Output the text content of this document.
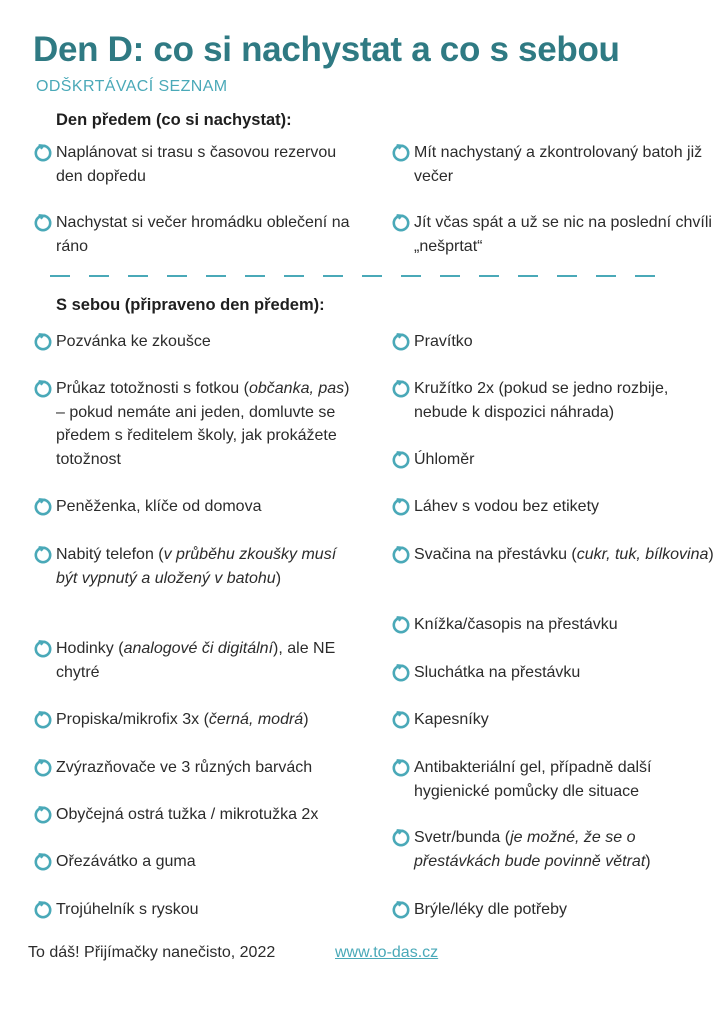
Den D: co si nachystat a co s sebou
ODŠKRTÁVACÍ SEZNAM
Den předem (co si nachystat):
Naplánovat si trasu s časovou rezervou den dopředu
Nachystat si večer hromádku oblečení na ráno
Mít nachystaný a zkontrolovaný batoh již večer
Jít včas spát a už se nic na poslední chvíli „nešprtat“
S sebou (připraveno den předem):
Pozvánka ke zkoušce
Průkaz totožnosti s fotkou (občanka, pas) – pokud nemáte ani jeden, domluvte se předem s ředitelem školy, jak prokážete totožnost
Peněženka, klíče od domova
Nabitý telefon (v průběhu zkoušky musí být vypnutý a uložený v batohu)
Hodinky (analogové či digitální), ale NE chytré
Propiska/mikrofix 3x (černá, modrá)
Zvýrazňovače ve 3 různých barvách
Obyčejná ostrá tužka / mikrotužka 2x
Ořezávátko a guma
Trojúhelník s ryskou
Pravítko
Kružítko 2x (pokud se jedno rozbije, nebude k dispozici náhrada)
Úhloměr
Láhev s vodou bez etikety
Svačina na přestávku (cukr, tuk, bílkovina)
Knížka/časopis na přestávku
Sluchátka na přestávku
Kapesníky
Antibakteriální gel, případně další hygienické pomůcky dle situace
Svetr/bunda (je možné, že se o přestávkách bude povinně větrat)
Brýle/léky dle potřeby
To dáš! Přijímačky nanečisto, 2022	www.to-das.cz
